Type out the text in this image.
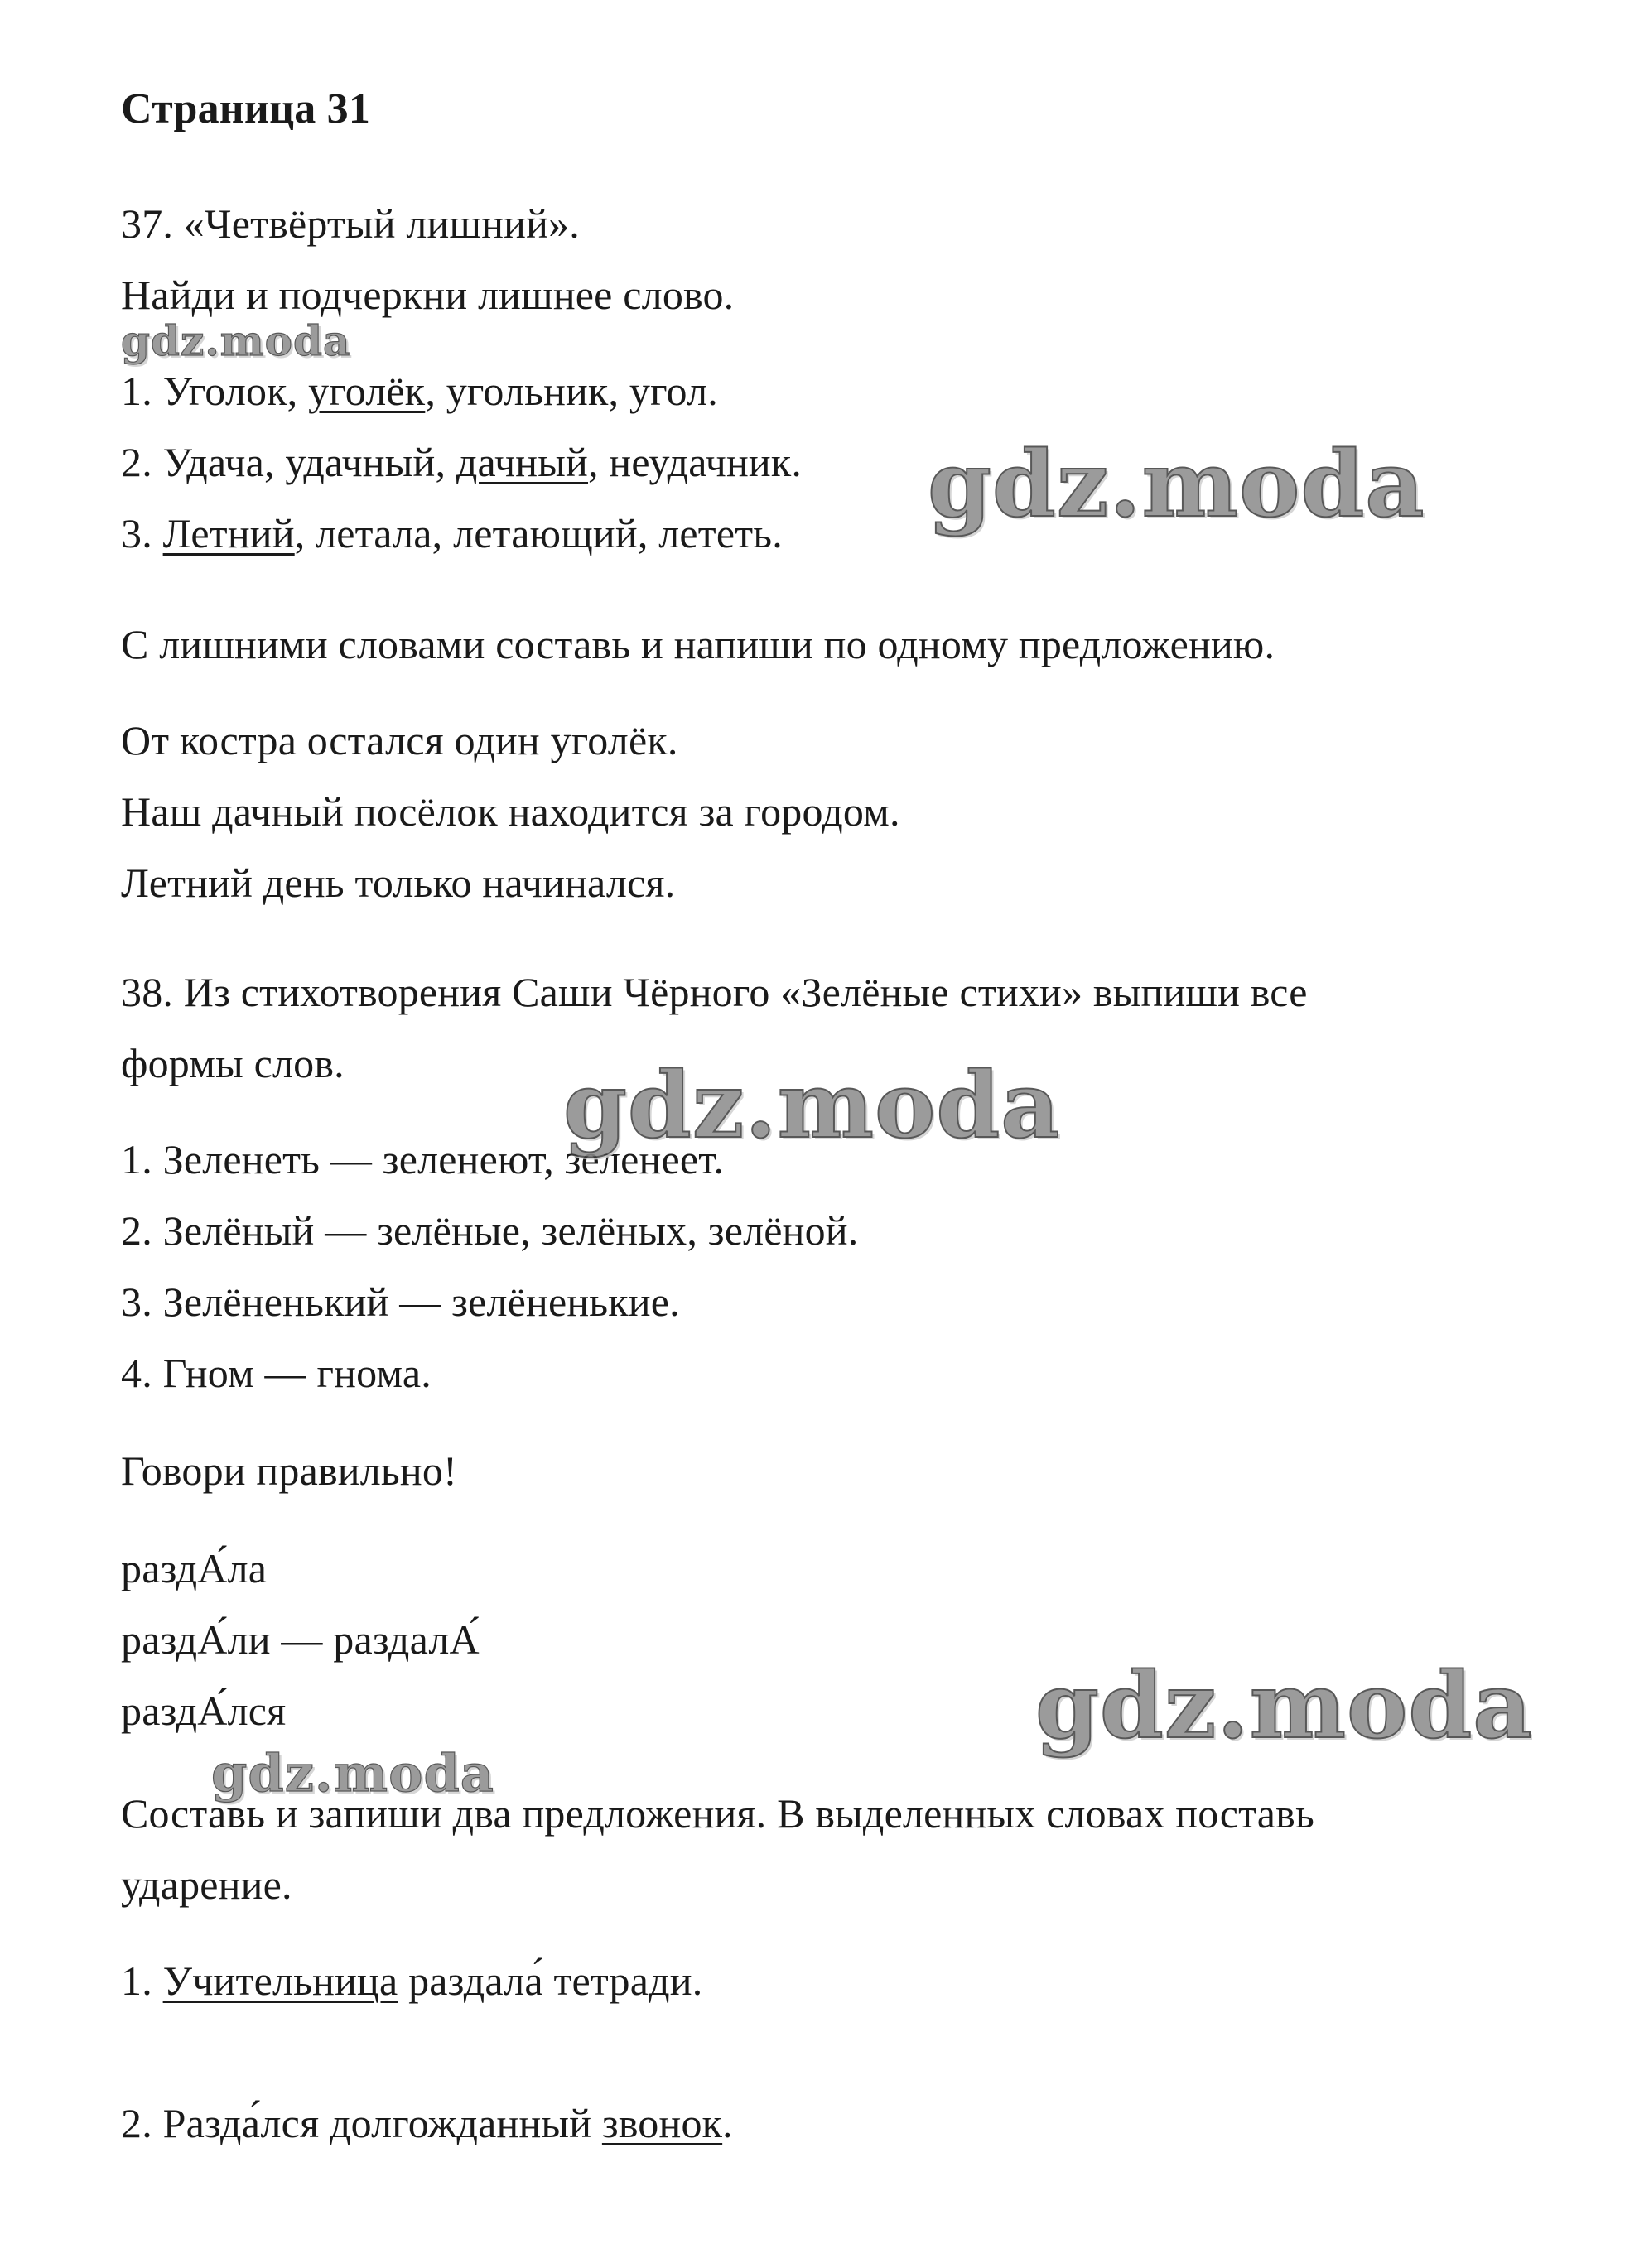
Страница 31
37. «Четвёртый лишний».
Найди и подчеркни лишнее слово.
1. Уголок, уголёк, угольник, угол.
2. Удача, удачный, дачный, неудачник.
3. Летний, летала, летающий, лететь.
С лишними словами составь и напиши по одному предложению.
От костра остался один уголёк.
Наш дачный посёлок находится за городом.
Летний день только начинался.
38. Из стихотворения Саши Чёрного «Зелёные стихи» выпиши все
формы слов.
1. Зеленеть — зеленеют, зеленеет.
2. Зелёный — зелёные, зелёных, зелёной.
3. Зелёненький — зелёненькие.
4. Гном — гнома.
Говори правильно!
раздА́ла
раздА́ли — раздалА́
раздА́лся
Составь и запиши два предложения. В выделенных словах поставь
ударение.
1. Учительница раздала́ тетради.
2. Разда́лся долгожданный звонок.
gdz.moda
gdz.moda
gdz.moda
gdz.moda
gdz.moda
